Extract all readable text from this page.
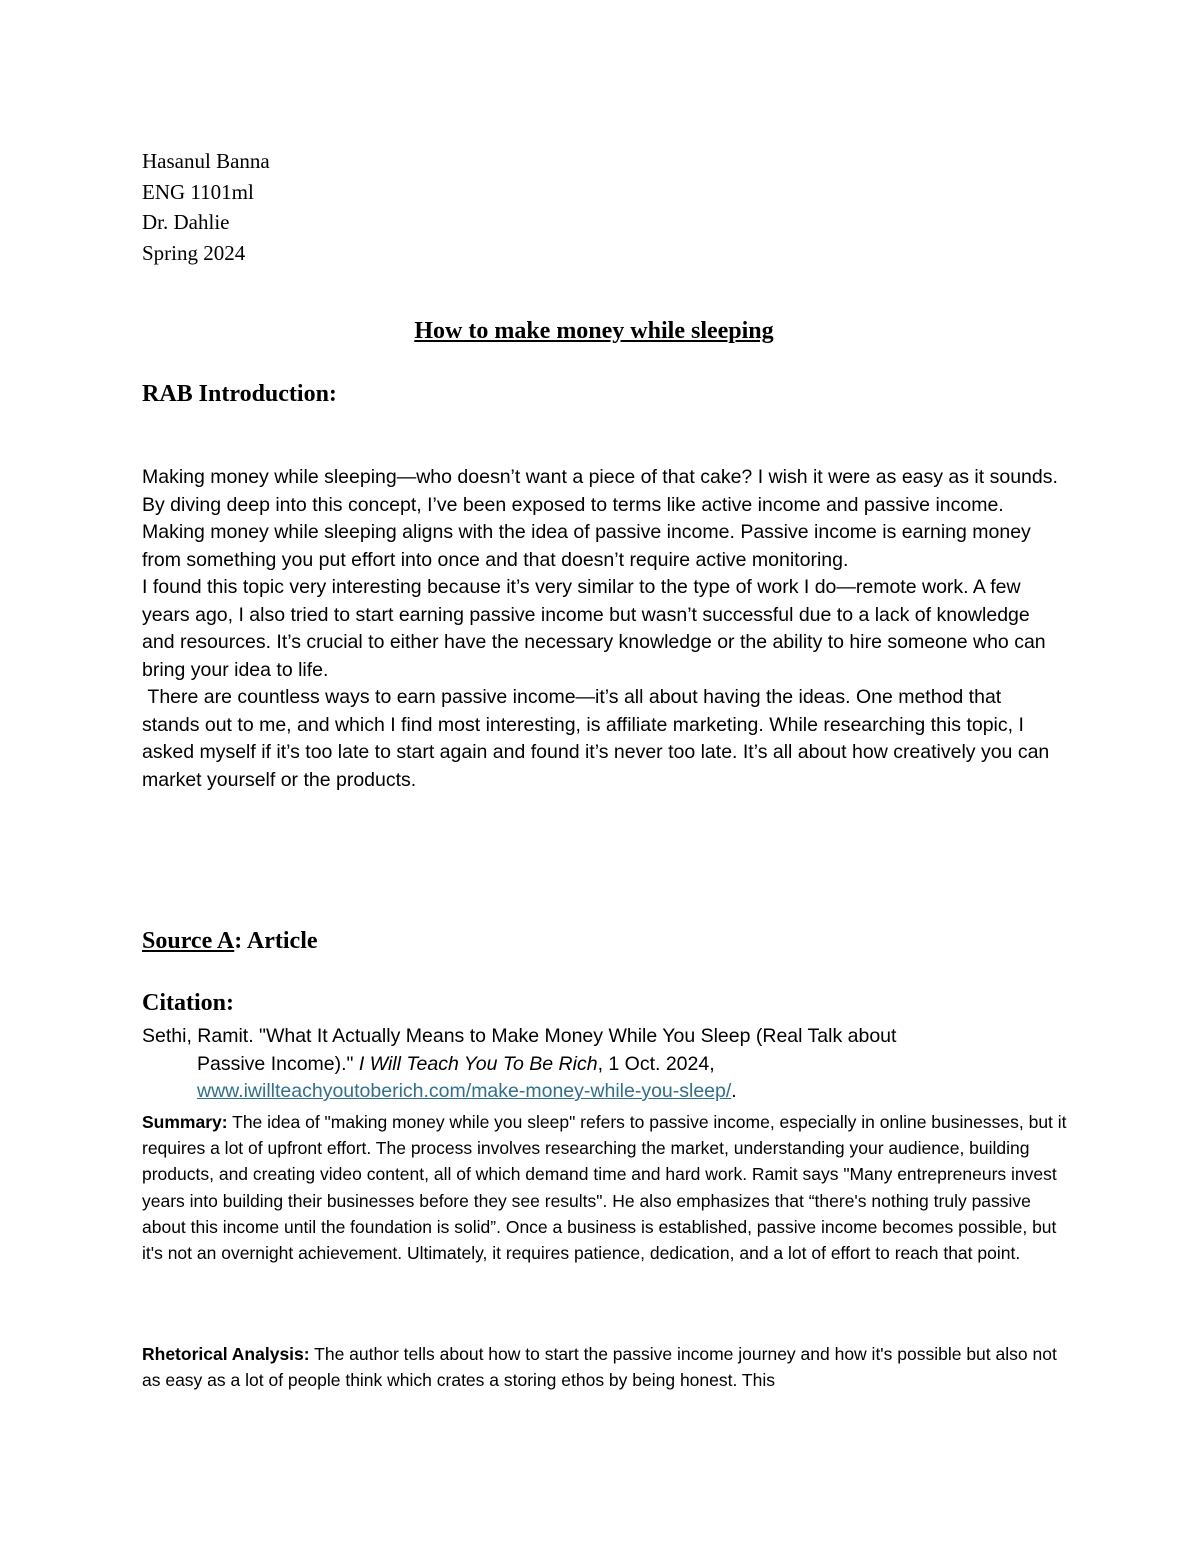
Hasanul Banna
ENG 1101ml
Dr. Dahlie
Spring 2024
How to make money while sleeping
RAB Introduction:

Making money while sleeping—who doesn’t want a piece of that cake? I wish it were as easy as it sounds. By diving deep into this concept, I’ve been exposed to terms like active income and passive income. Making money while sleeping aligns with the idea of passive income. Passive income is earning money from something you put effort into once and that doesn’t require active monitoring.

I found this topic very interesting because it’s very similar to the type of work I do—remote work. A few years ago, I also tried to start earning passive income but wasn’t successful due to a lack of knowledge and resources. It’s crucial to either have the necessary knowledge or the ability to hire someone who can bring your idea to life.

There are countless ways to earn passive income—it’s all about having the ideas. One method that stands out to me, and which I find most interesting, is affiliate marketing. While researching this topic, I asked myself if it’s too late to start again and found it’s never too late. It’s all about how creatively you can market yourself or the products.

Source A: Article
Citation:
Sethi, Ramit. "What It Actually Means to Make Money While You Sleep (Real Talk about
Passive Income)." I Will Teach You To Be Rich, 1 Oct. 2024,
www.iwillteachyoutoberich.com/make-money-while-you-sleep/.

Summary: The idea of "making money while you sleep" refers to passive income, especially in online businesses, but it requires a lot of upfront effort. The process involves researching the market, understanding your audience, building products, and creating video content, all of which demand time and hard work. Ramit says "Many entrepreneurs invest years into building their businesses before they see results". He also emphasizes that “there's nothing truly passive about this income until the foundation is solid”. Once a business is established, passive income becomes possible, but it's not an overnight achievement. Ultimately, it requires patience, dedication, and a lot of effort to reach that point.

Rhetorical Analysis: The author tells about how to start the passive income journey and how it's possible but also not as easy as a lot of people think which crates a storing ethos by being honest. This
